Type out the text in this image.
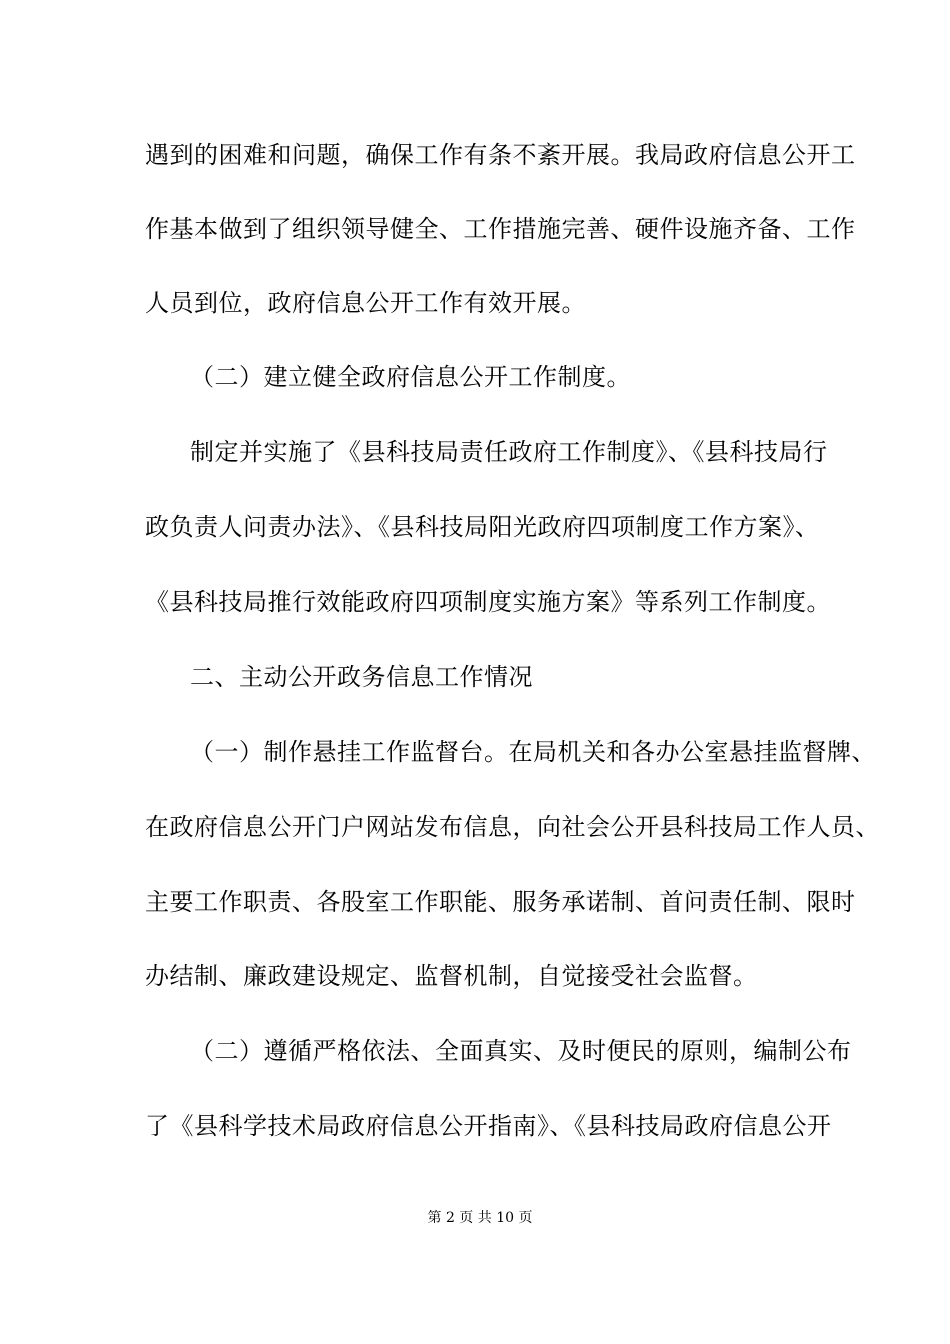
遇到的困难和问题，确保工作有条不紊开展。我局政府信息公开工
作基本做到了组织领导健全、工作措施完善、硬件设施齐备、工作
人员到位，政府信息公开工作有效开展。
（二）建立健全政府信息公开工作制度。
制定并实施了《县科技局责任政府工作制度》、《县科技局行
政负责人问责办法》、《县科技局阳光政府四项制度工作方案》、
《县科技局推行效能政府四项制度实施方案》等系列工作制度。
二、主动公开政务信息工作情况
（一）制作悬挂工作监督台。在局机关和各办公室悬挂监督牌、
在政府信息公开门户网站发布信息，向社会公开县科技局工作人员、
主要工作职责、各股室工作职能、服务承诺制、首问责任制、限时
办结制、廉政建设规定、监督机制，自觉接受社会监督。
（二）遵循严格依法、全面真实、及时便民的原则，编制公布
了《县科学技术局政府信息公开指南》、《县科技局政府信息公开
第 2 页 共 10 页
